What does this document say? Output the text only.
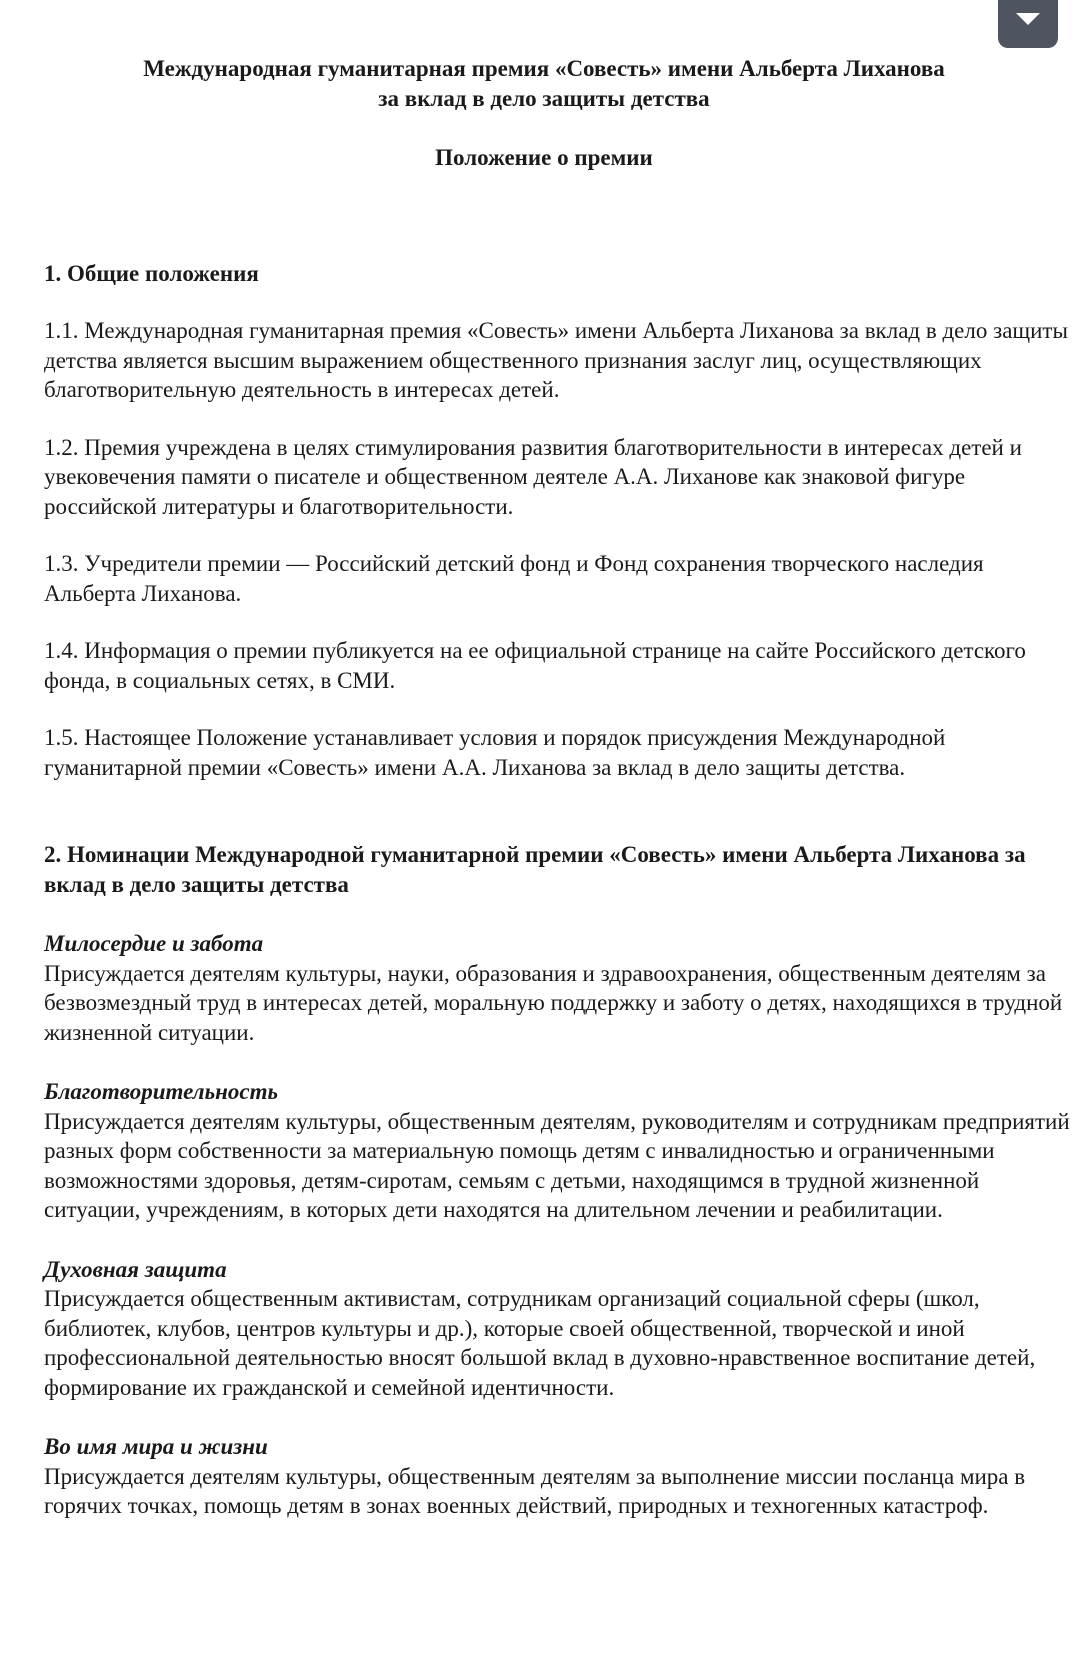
Международная гуманитарная премия «Совесть» имени Альберта Лиханова
за вклад в дело защиты детства
Положение о премии
1. Общие положения

1.1. Международная гуманитарная премия «Совесть» имени Альберта Лиханова за вклад в дело защиты детства является высшим выражением общественного признания заслуг лиц, осуществляющих благотворительную деятельность в интересах детей.

1.2. Премия учреждена в целях стимулирования развития благотворительности в интересах детей и увековечения памяти о писателе и общественном деятеле А.А. Лиханове как знаковой фигуре российской литературы и благотворительности.

1.3. Учредители премии — Российский детский фонд и Фонд сохранения творческого наследия Альберта Лиханова.

1.4. Информация о премии публикуется на ее официальной странице на сайте Российского детского фонда, в социальных сетях, в СМИ.

1.5. Настоящее Положение устанавливает условия и порядок присуждения Международной гуманитарной премии «Совесть» имени А.А. Лиханова за вклад в дело защиты детства.

2. Номинации Международной гуманитарной премии «Совесть» имени Альберта Лиханова за вклад в дело защиты детства
Милосердие и забота
Присуждается деятелям культуры, науки, образования и здравоохранения, общественным деятелям за безвозмездный труд в интересах детей, моральную поддержку и заботу о детях, находящихся в трудной жизненной ситуации.
Благотворительность
Присуждается деятелям культуры, общественным деятелям, руководителям и сотрудникам предприятий разных форм собственности за материальную помощь детям с инвалидностью и ограниченными возможностями здоровья, детям-сиротам, семьям с детьми, находящимся в трудной жизненной ситуации, учреждениям, в которых дети находятся на длительном лечении и реабилитации.
Духовная защита
Присуждается общественным активистам, сотрудникам организаций социальной сферы (школ, библиотек, клубов, центров культуры и др.), которые своей общественной, творческой и иной профессиональной деятельностью вносят большой вклад в духовно-нравственное воспитание детей, формирование их гражданской и семейной идентичности.
Во имя мира и жизни
Присуждается деятелям культуры, общественным деятелям за выполнение миссии посланца мира в горячих точках, помощь детям в зонах военных действий, природных и техногенных катастроф.
